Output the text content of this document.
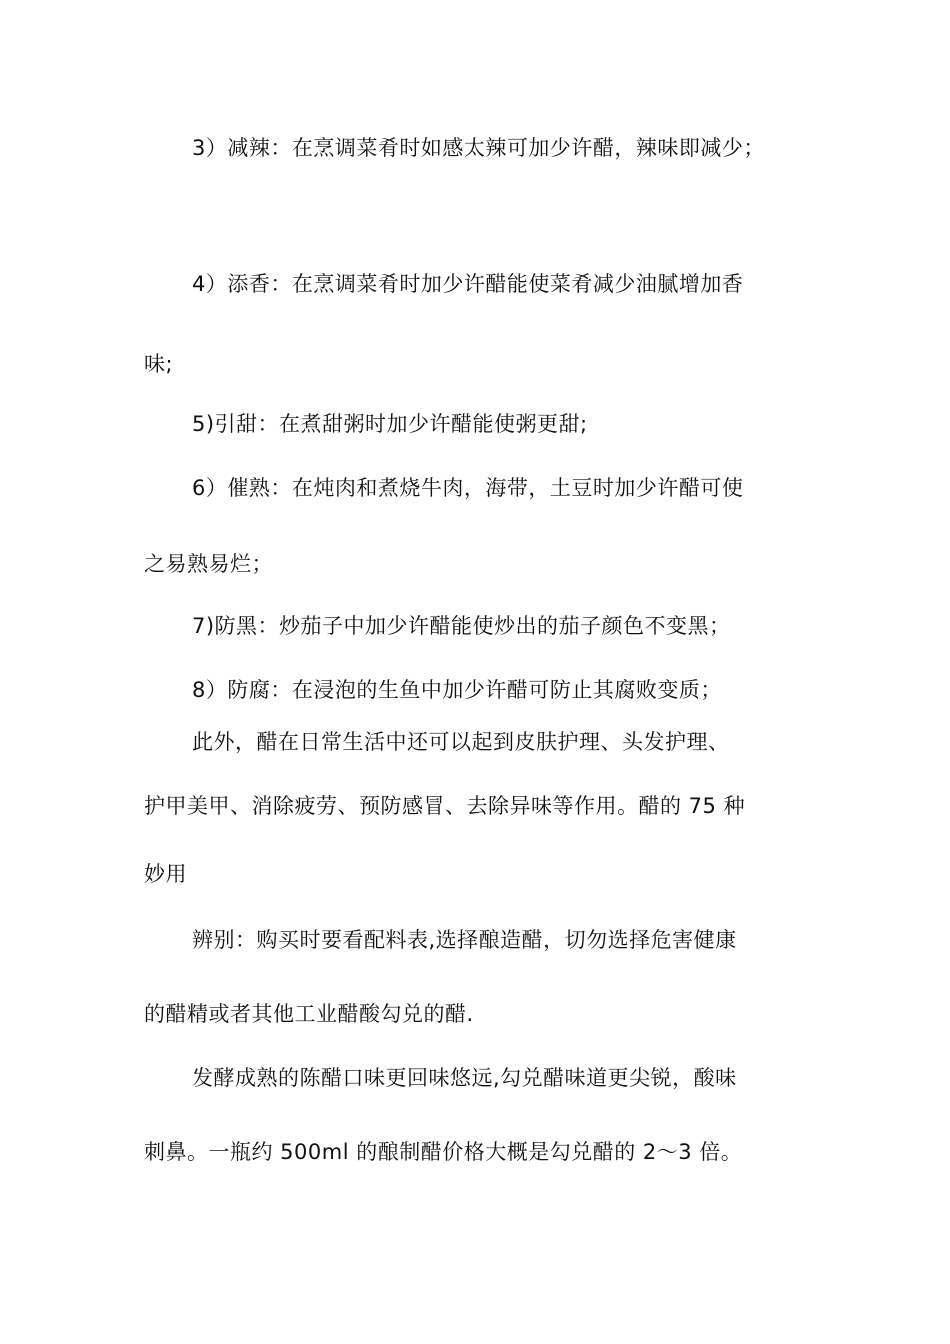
3）减辣：在烹调菜肴时如感太辣可加少许醋，辣味即减少；
4）添香：在烹调菜肴时加少许醋能使菜肴减少油腻增加香
味;
5)引甜：在煮甜粥时加少许醋能使粥更甜;
6）催熟：在炖肉和煮烧牛肉，海带，土豆时加少许醋可使
之易熟易烂；
7)防黑：炒茄子中加少许醋能使炒出的茄子颜色不变黑；
8）防腐：在浸泡的生鱼中加少许醋可防止其腐败变质；
此外，醋在日常生活中还可以起到皮肤护理、头发护理、
护甲美甲、消除疲劳、预防感冒、去除异味等作用。醋的 75 种
妙用
辨别：购买时要看配料表,选择酿造醋，切勿选择危害健康
的醋精或者其他工业醋酸勾兑的醋.
发酵成熟的陈醋口味更回味悠远,勾兑醋味道更尖锐，酸味
刺鼻。一瓶约 500ml 的酿制醋价格大概是勾兑醋的 2～3 倍。
